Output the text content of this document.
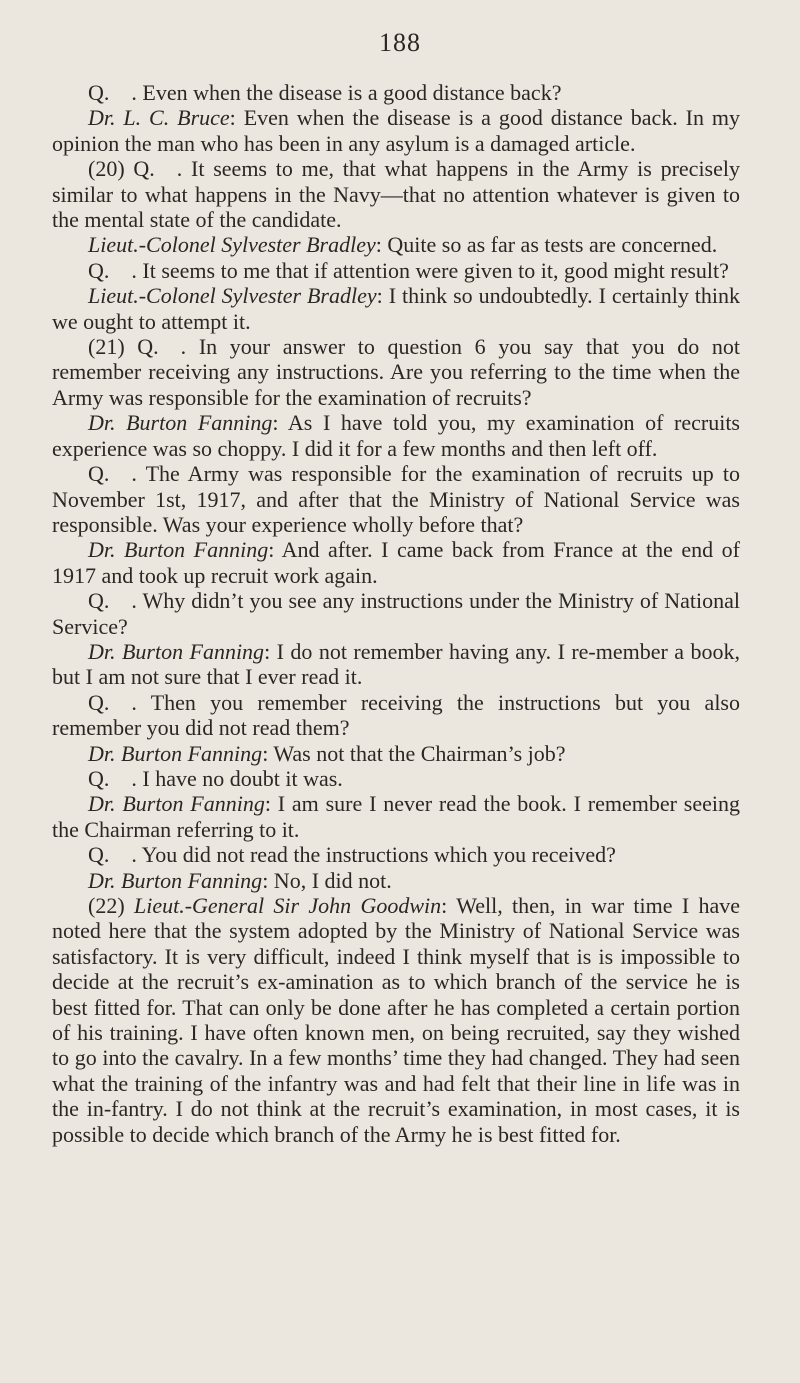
188

Q. . Even when the disease is a good distance back?

Dr. L. C. Bruce: Even when the disease is a good distance back. In my opinion the man who has been in any asylum is a damaged article.

(20) Q. . It seems to me, that what happens in the Army is precisely similar to what happens in the Navy—that no attention whatever is given to the mental state of the candidate.

Lieut.-Colonel Sylvester Bradley: Quite so as far as tests are concerned.

Q. . It seems to me that if attention were given to it, good might result?

Lieut.-Colonel Sylvester Bradley: I think so undoubtedly. I certainly think we ought to attempt it.

(21) Q. . In your answer to question 6 you say that you do not remember receiving any instructions. Are you referring to the time when the Army was responsible for the examination of recruits?

Dr. Burton Fanning: As I have told you, my examination of recruits experience was so choppy. I did it for a few months and then left off.

Q. . The Army was responsible for the examination of recruits up to November 1st, 1917, and after that the Ministry of National Service was responsible. Was your experience wholly before that?

Dr. Burton Fanning: And after. I came back from France at the end of 1917 and took up recruit work again.

Q. . Why didn’t you see any instructions under the Ministry of National Service?

Dr. Burton Fanning: I do not remember having any. I re-member a book, but I am not sure that I ever read it.

Q. . Then you remember receiving the instructions but you also remember you did not read them?

Dr. Burton Fanning: Was not that the Chairman’s job?

Q. . I have no doubt it was.

Dr. Burton Fanning: I am sure I never read the book. I remember seeing the Chairman referring to it.

Q. . You did not read the instructions which you received?

Dr. Burton Fanning: No, I did not.

(22) Lieut.-General Sir John Goodwin: Well, then, in war time I have noted here that the system adopted by the Ministry of National Service was satisfactory. It is very difficult, indeed I think myself that is is impossible to decide at the recruit’s ex-amination as to which branch of the service he is best fitted for. That can only be done after he has completed a certain portion of his training. I have often known men, on being recruited, say they wished to go into the cavalry. In a few months’ time they had changed. They had seen what the training of the infantry was and had felt that their line in life was in the in-fantry. I do not think at the recruit’s examination, in most cases, it is possible to decide which branch of the Army he is best fitted for.
